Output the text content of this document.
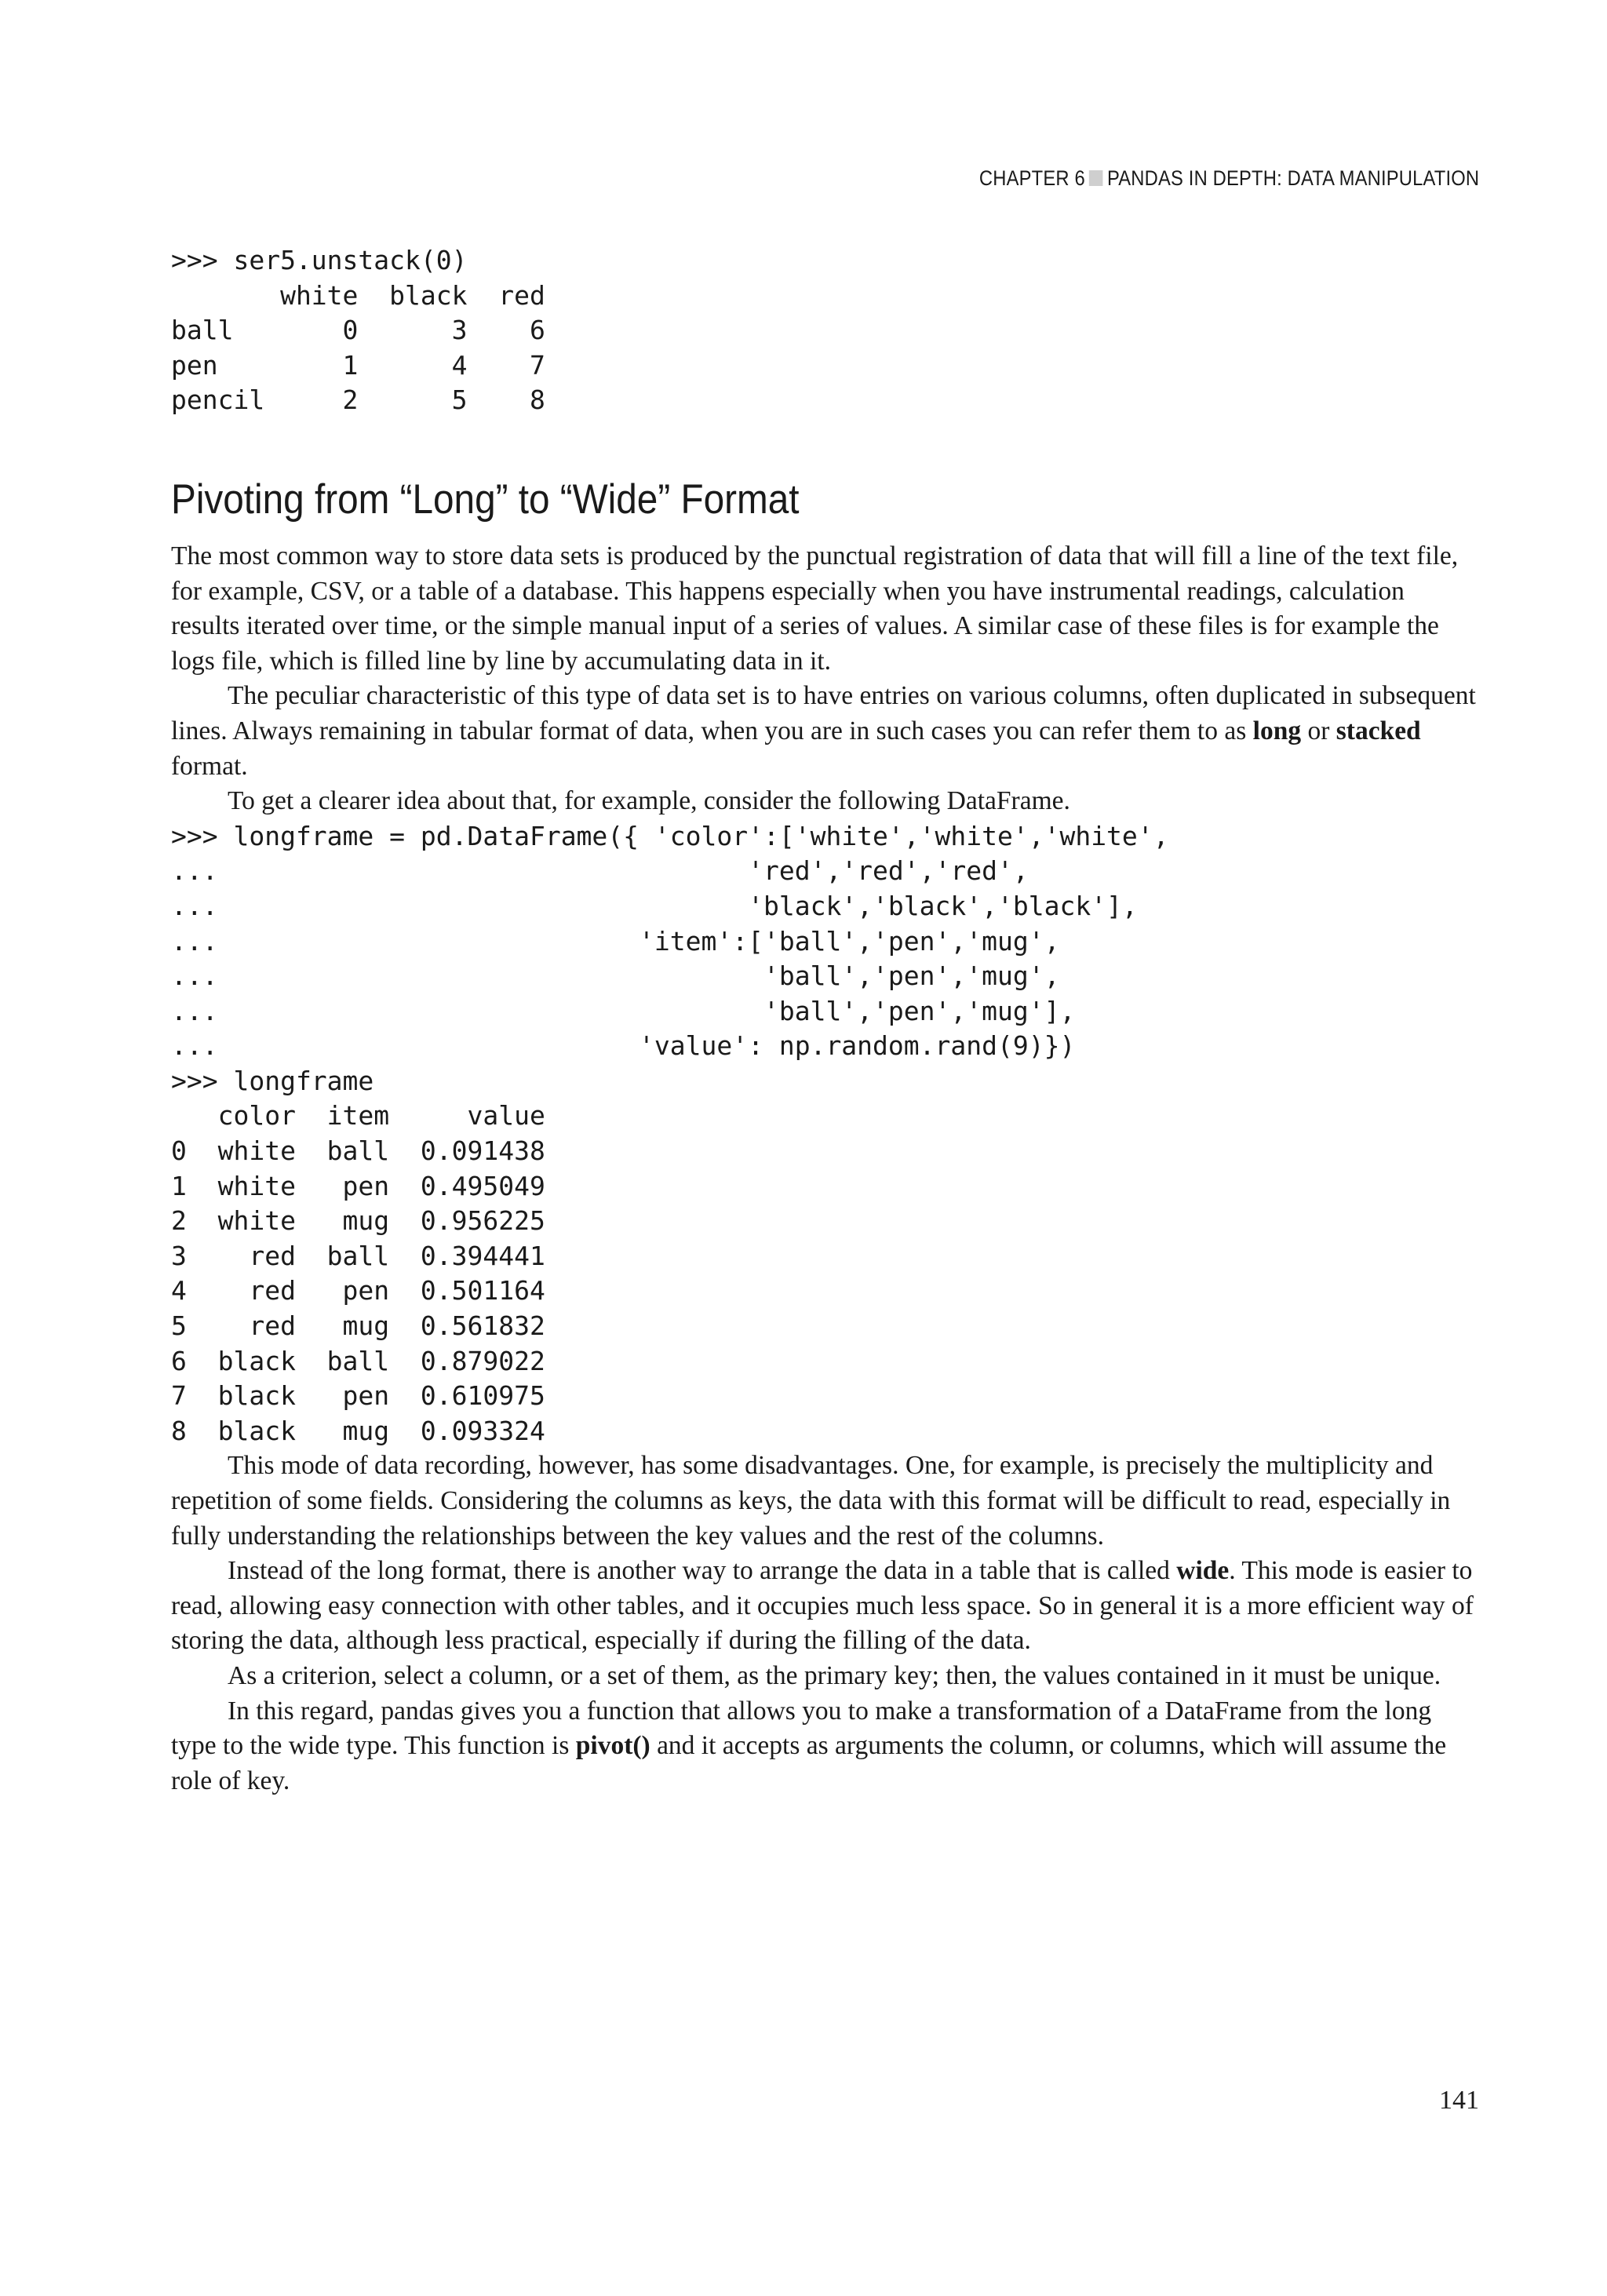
CHAPTER 6 PANDAS IN DEPTH: DATA MANIPULATION
>>> ser5.unstack(0)
white  black  red
ball       0      3    6
pen        1      4    7
pencil     2      5    8
Pivoting from “Long” to “Wide” Format

The most common way to store data sets is produced by the punctual registration of data that will fill a line of the text file, for example, CSV, or a table of a database. This happens especially when you have instrumental readings, calculation results iterated over time, or the simple manual input of a series of values. A similar case of these files is for example the logs file, which is filled line by line by accumulating data in it.

The peculiar characteristic of this type of data set is to have entries on various columns, often duplicated in subsequent lines. Always remaining in tabular format of data, when you are in such cases you can refer them to as long or stacked format.

To get a clearer idea about that, for example, consider the following DataFrame.

>>> longframe = pd.DataFrame({ 'color':['white','white','white',
...                                  'red','red','red',
...                                  'black','black','black'],
...                           'item':['ball','pen','mug',
...                                   'ball','pen','mug',
...                                   'ball','pen','mug'],
...                           'value': np.random.rand(9)})
>>> longframe
color  item     value
0  white  ball  0.091438
1  white   pen  0.495049
2  white   mug  0.956225
3    red  ball  0.394441
4    red   pen  0.501164
5    red   mug  0.561832
6  black  ball  0.879022
7  black   pen  0.610975
8  black   mug  0.093324

This mode of data recording, however, has some disadvantages. One, for example, is precisely the multiplicity and repetition of some fields. Considering the columns as keys, the data with this format will be difficult to read, especially in fully understanding the relationships between the key values and the rest of the columns.

Instead of the long format, there is another way to arrange the data in a table that is called wide. This mode is easier to read, allowing easy connection with other tables, and it occupies much less space. So in general it is a more efficient way of storing the data, although less practical, especially if during the filling of the data.

As a criterion, select a column, or a set of them, as the primary key; then, the values contained in it must be unique.

In this regard, pandas gives you a function that allows you to make a transformation of a DataFrame from the long type to the wide type. This function is pivot() and it accepts as arguments the column, or columns, which will assume the role of key.

141
